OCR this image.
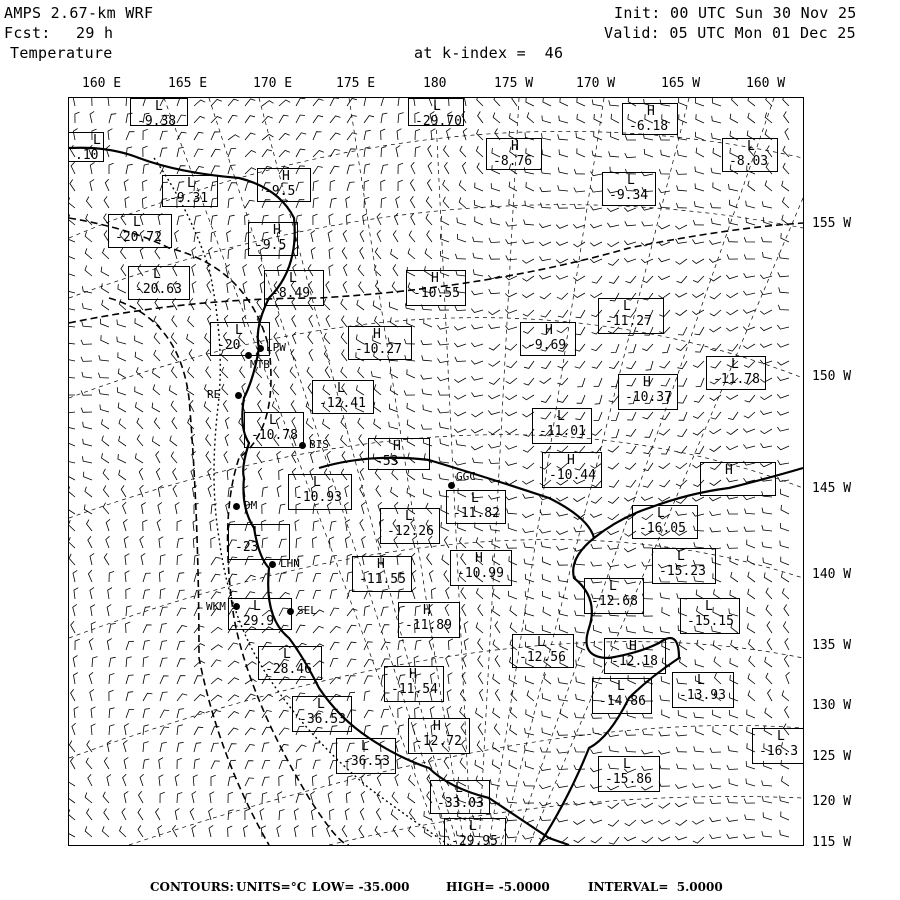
AMPS 2.67-km WRF
Fcst: 29 h
Temperature
Init: 00 UTC Sun 30 Nov 25
Valid: 05 UTC Mon 01 Dec 25
at k-index =  46
160 E	165 E	170 E	175 E	180	175 W	170 W	165 W	160 W
155 W
150 W
145 W
140 W
135 W
130 W
125 W
120 W
115 W
L
-9.38
L
-29.70
H
-6.18
L
.10
H
-8.76
L
-8.03
L
-9.31
H
-9.5
L
-9.34
L
-20.72	H
-9.5
L
-20.63
L
-8.49
H
-10.55
L
-11.27
L
-20
H
-10.27
H
-9.69
L
-11.78
L
-12.41
H
-10.37
L
-10.78
L
-11.01
H
-53	H
-10.44
L
-10.93	L
-11.82
H
L
-12.26
L
-16.05
L
-23
H
-11.55
H
-10.99
L
-15.23
L
-12.68
L
-29.9
H
-11.89
L
-15.15
L
-28.46
L
-12.56
H
-12.18
H
-11.54	L
-14.86
L
-13.93
L
-36.53	H
-12.72	L
-16.3
L
-36.53	L
-15.86
L
-33.03
L
-29.95
LPW
MTB
RE
BIS
GGC
DM
LHN
WKM	SEL
CONTOURS: UNITS=°C LOW= -35.000	HIGH= -5.0000	INTERVAL=  5.0000
